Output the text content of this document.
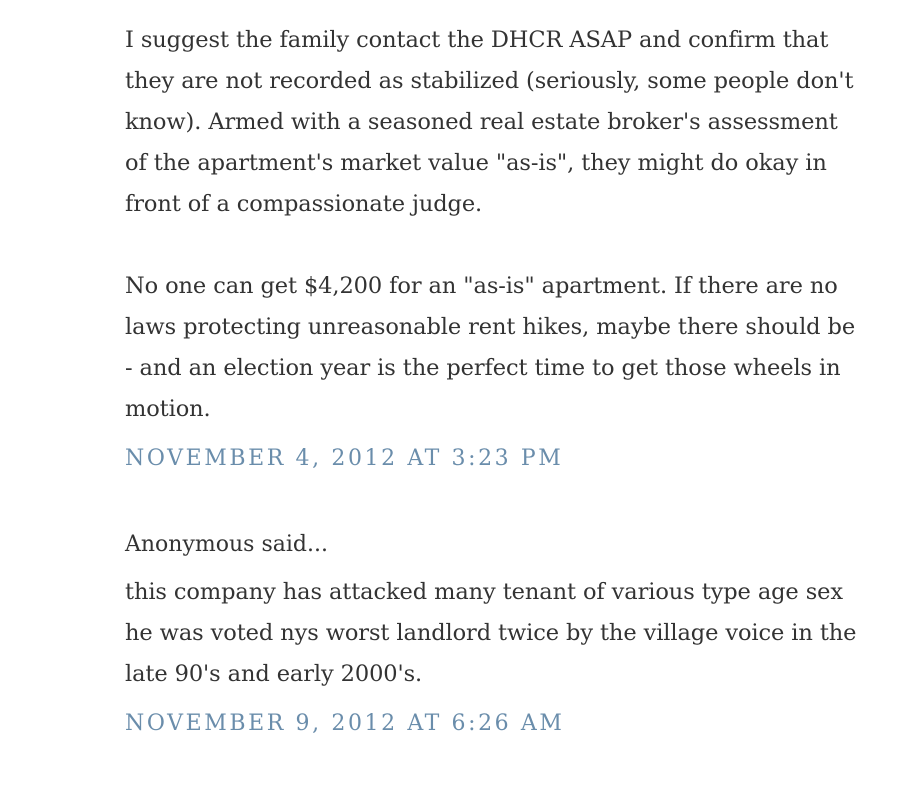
I suggest the family contact the DHCR ASAP and confirm that they are not recorded as stabilized (seriously, some people don't know). Armed with a seasoned real estate broker's assessment of the apartment's market value "as-is", they might do okay in front of a compassionate judge.

No one can get $4,200 for an "as-is" apartment. If there are no laws protecting unreasonable rent hikes, maybe there should be - and an election year is the perfect time to get those wheels in motion.

NOVEMBER 4, 2012 AT 3:23 PM
Anonymous said...

this company has attacked many tenant of various type age sex he was voted nys worst landlord twice by the village voice in the late 90's and early 2000's.

NOVEMBER 9, 2012 AT 6:26 AM
